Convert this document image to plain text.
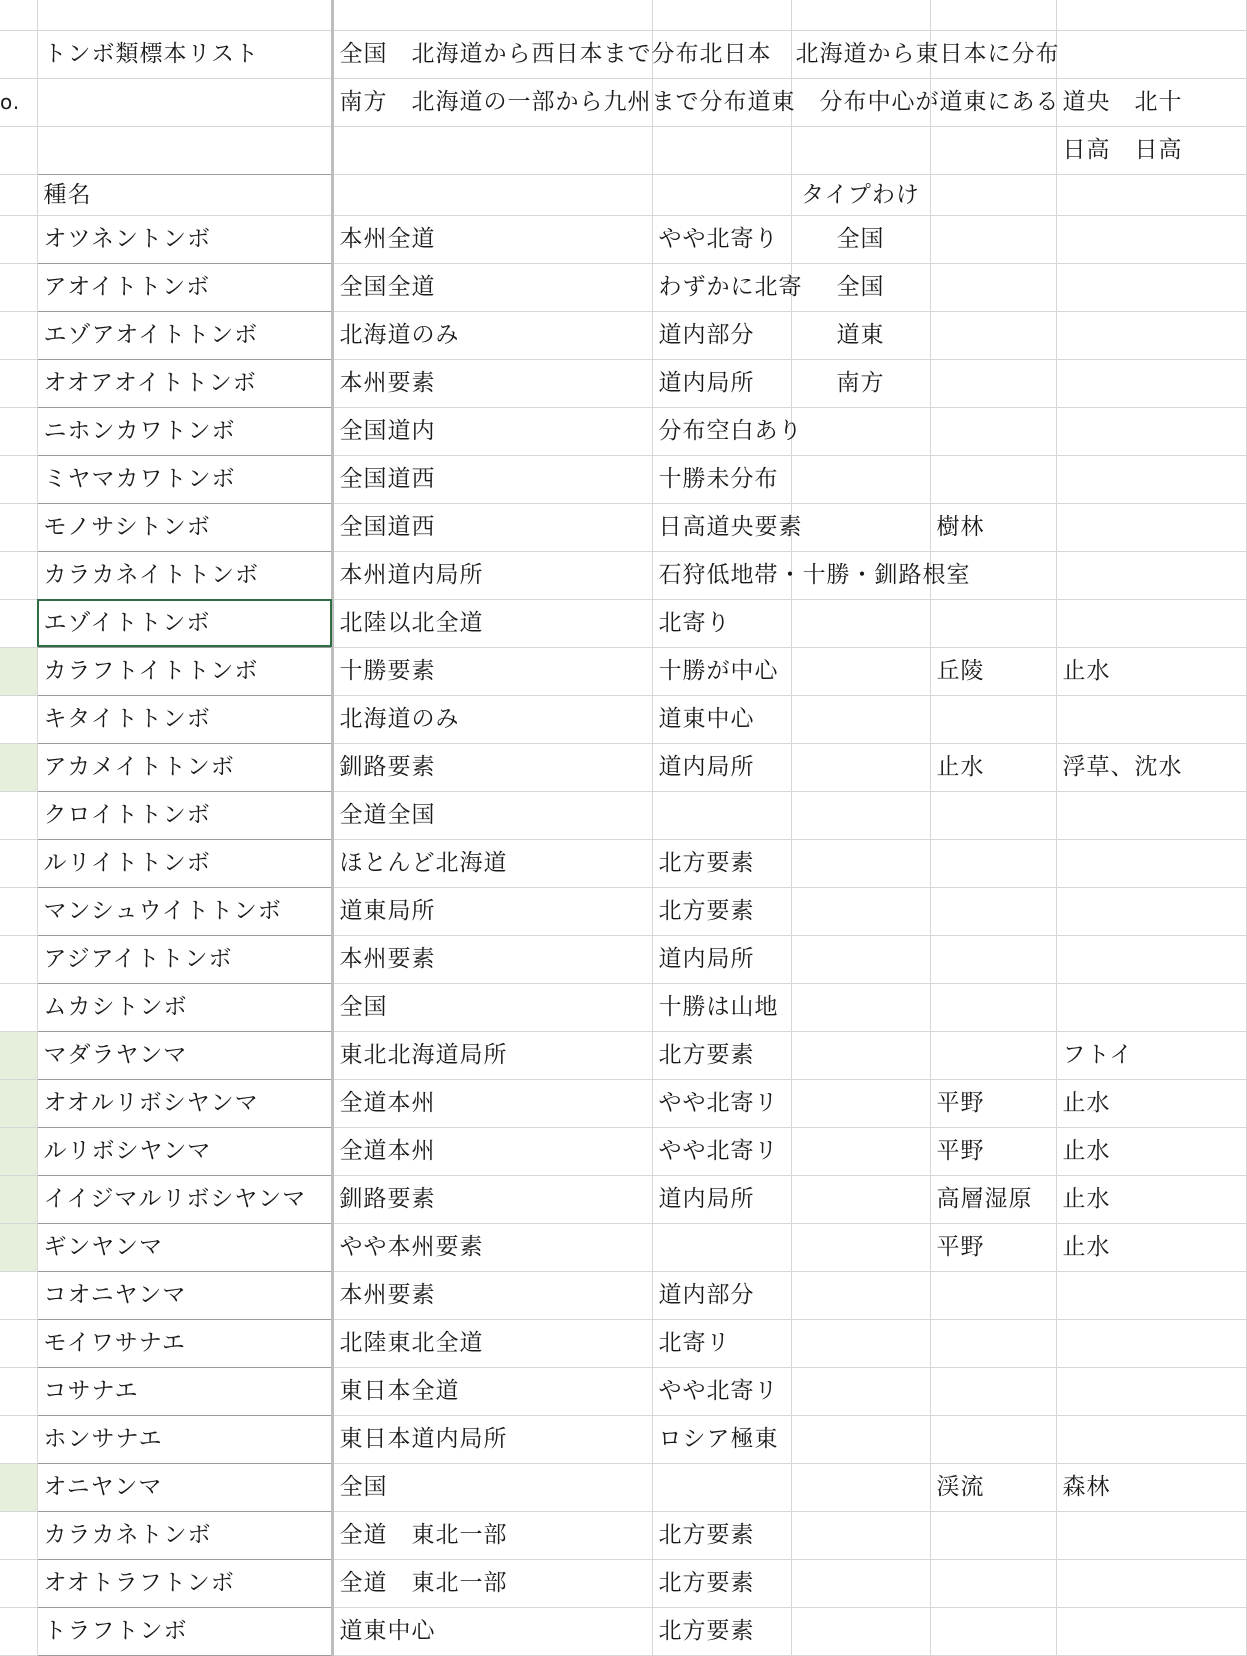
	トンボ類標本リスト	全国　北海道から西日本まで分布北日本　北海道から東日本に分布				
o.		南方　北海道の一部から九州まで分布道東　分布中心が道東にある				道央　北十
						日高　日高
	種名			タイプわけ		
	オツネントンボ	本州全道	やや北寄り	全国		
	アオイトトンボ	全国全道	わずかに北寄	全国		
	エゾアオイトトンボ	北海道のみ	道内部分	道東		
	オオアオイトトンボ	本州要素	道内局所	南方		
	ニホンカワトンボ	全国道内	分布空白あり			
	ミヤマカワトンボ	全国道西	十勝未分布			
	モノサシトンボ	全国道西	日高道央要素		樹林	
	カラカネイトトンボ	本州道内局所	石狩低地帯・十勝・釧路根室			
	エゾイトトンボ	北陸以北全道	北寄り			
	カラフトイトトンボ	十勝要素	十勝が中心		丘陵	止水
	キタイトトンボ	北海道のみ	道東中心			
	アカメイトトンボ	釧路要素	道内局所		止水	浮草、沈水
	クロイトトンボ	全道全国				
	ルリイトトンボ	ほとんど北海道	北方要素			
	マンシュウイトトンボ	道東局所	北方要素			
	アジアイトトンボ	本州要素	道内局所			
	ムカシトンボ	全国	十勝は山地			
	マダラヤンマ	東北北海道局所	北方要素			フトイ
	オオルリボシヤンマ	全道本州	やや北寄リ		平野	止水
	ルリボシヤンマ	全道本州	やや北寄リ		平野	止水
	イイジマルリボシヤンマ	釧路要素	道内局所		高層湿原	止水
	ギンヤンマ	やや本州要素			平野	止水
	コオニヤンマ	本州要素	道内部分			
	モイワサナエ	北陸東北全道	北寄リ			
	コサナエ	東日本全道	やや北寄リ			
	ホンサナエ	東日本道内局所	ロシア極東			
	オニヤンマ	全国			渓流	森林
	カラカネトンボ	全道　東北一部	北方要素			
	オオトラフトンボ	全道　東北一部	北方要素			
	トラフトンボ	道東中心	北方要素			
